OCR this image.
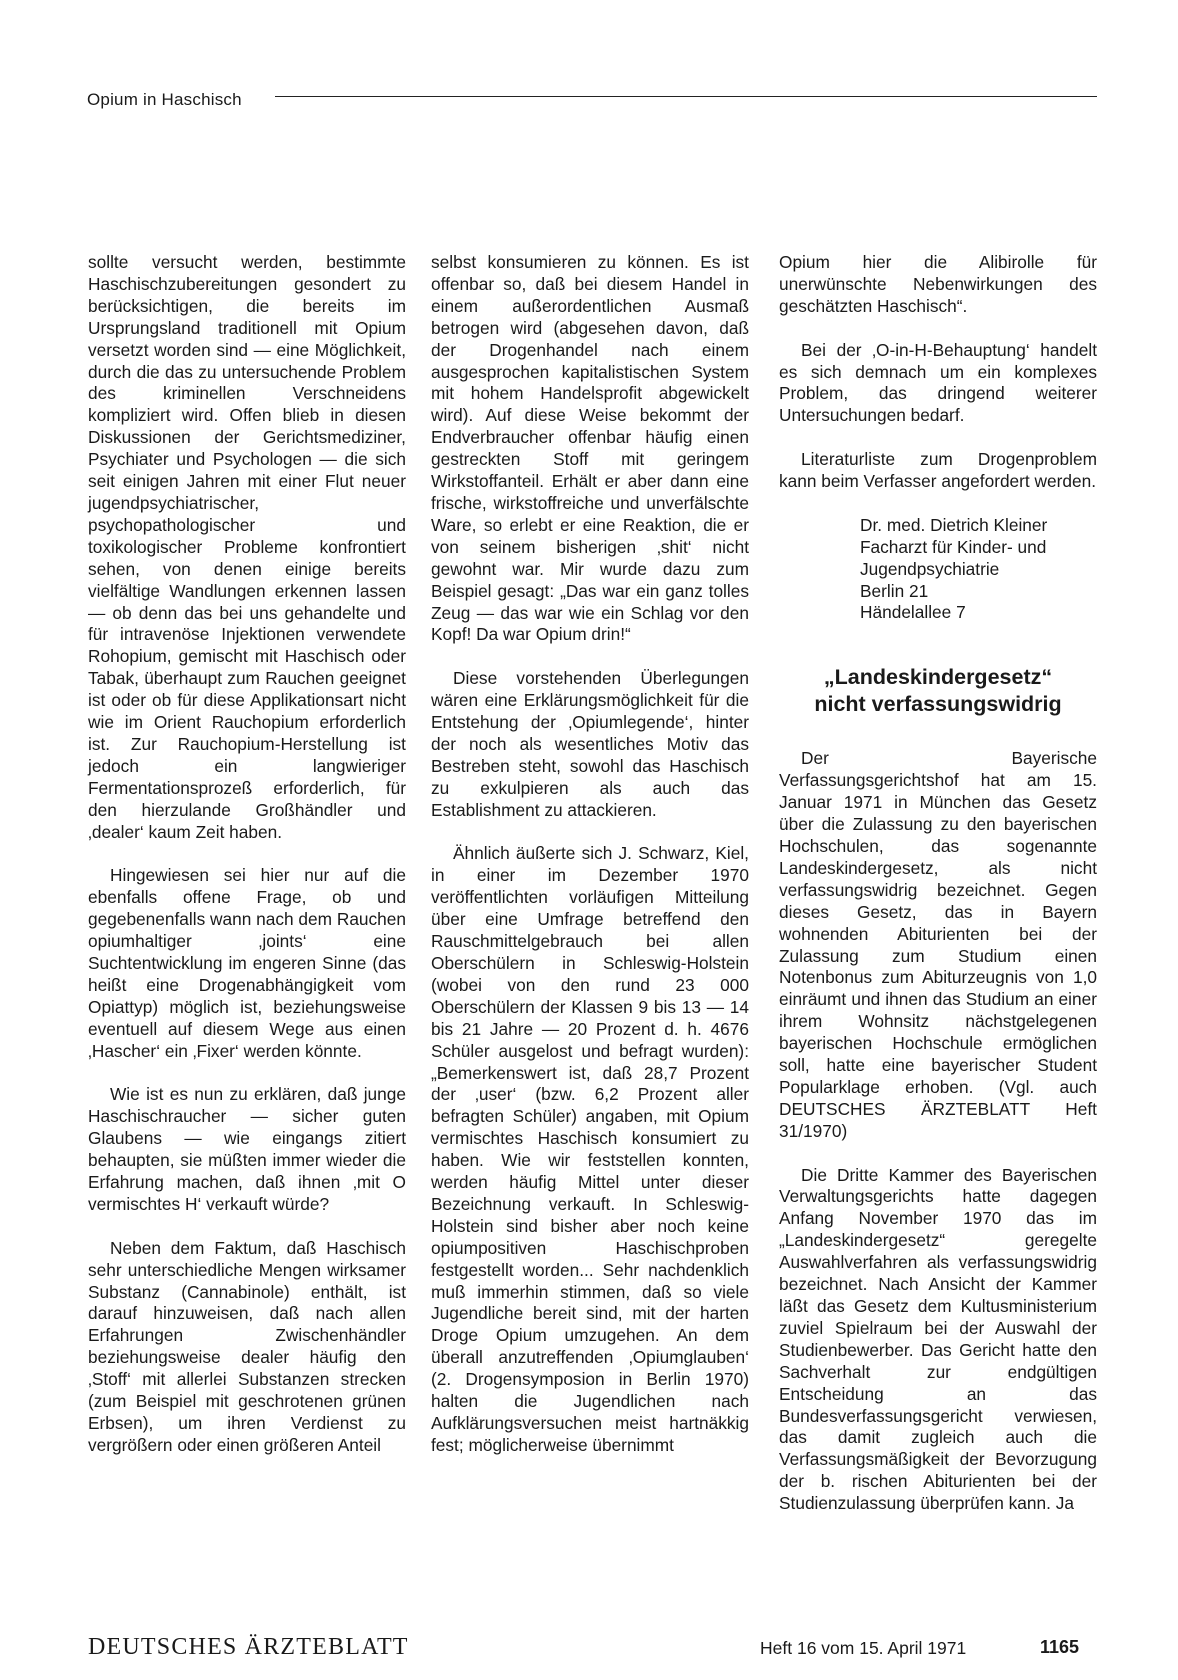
Opium in Haschisch

sollte versucht werden, bestimmte Haschischzubereitungen gesondert zu berücksichtigen, die bereits im Ursprungsland traditionell mit Opium versetzt worden sind — eine Möglichkeit, durch die das zu untersuchende Problem des kriminellen Verschneidens kompliziert wird. Offen blieb in diesen Diskussionen der Gerichtsmediziner, Psychiater und Psychologen — die sich seit einigen Jahren mit einer Flut neuer jugendpsychiatrischer, psychopathologischer und toxikologischer Probleme konfrontiert sehen, von denen einige bereits vielfältige Wandlungen erkennen lassen — ob denn das bei uns gehandelte und für intravenöse Injektionen verwendete Rohopium, gemischt mit Haschisch oder Tabak, überhaupt zum Rauchen geeignet ist oder ob für diese Applikationsart nicht wie im Orient Rauchopium erforderlich ist. Zur Rauchopium-Herstellung ist jedoch ein langwieriger Fermentationsprozeß erforderlich, für den hierzulande Großhändler und ‚dealer‘ kaum Zeit haben.

Hingewiesen sei hier nur auf die ebenfalls offene Frage, ob und gegebenenfalls wann nach dem Rauchen opiumhaltiger ‚joints‘ eine Suchtentwicklung im engeren Sinne (das heißt eine Drogenabhängigkeit vom Opiattyp) möglich ist, beziehungsweise eventuell auf diesem Wege aus einen ‚Hascher‘ ein ‚Fixer‘ werden könnte.

Wie ist es nun zu erklären, daß junge Haschischraucher — sicher guten Glaubens — wie eingangs zitiert behaupten, sie müßten immer wieder die Erfahrung machen, daß ihnen ‚mit O vermischtes H‘ verkauft würde?

Neben dem Faktum, daß Haschisch sehr unterschiedliche Mengen wirksamer Substanz (Cannabinole) enthält, ist darauf hinzuweisen, daß nach allen Erfahrungen Zwischenhändler beziehungsweise dealer häufig den ‚Stoff‘ mit allerlei Substanzen strecken (zum Beispiel mit geschrotenen grünen Erbsen), um ihren Verdienst zu vergrößern oder einen größeren Anteil

selbst konsumieren zu können. Es ist offenbar so, daß bei diesem Handel in einem außerordentlichen Ausmaß betrogen wird (abgesehen davon, daß der Drogenhandel nach einem ausgesprochen kapitalistischen System mit hohem Handelsprofit abgewickelt wird). Auf diese Weise bekommt der Endverbraucher offenbar häufig einen gestreckten Stoff mit geringem Wirkstoffanteil. Erhält er aber dann eine frische, wirkstoffreiche und unverfälschte Ware, so erlebt er eine Reaktion, die er von seinem bisherigen ‚shit‘ nicht gewohnt war. Mir wurde dazu zum Beispiel gesagt: „Das war ein ganz tolles Zeug — das war wie ein Schlag vor den Kopf! Da war Opium drin!“

Diese vorstehenden Überlegungen wären eine Erklärungsmöglichkeit für die Entstehung der ‚Opiumlegende‘, hinter der noch als wesentliches Motiv das Bestreben steht, sowohl das Haschisch zu exkulpieren als auch das Establishment zu attackieren.

Ähnlich äußerte sich J. Schwarz, Kiel, in einer im Dezember 1970 veröffentlichten vorläufigen Mitteilung über eine Umfrage betreffend den Rauschmittelgebrauch bei allen Oberschülern in Schleswig-Holstein (wobei von den rund 23 000 Oberschülern der Klassen 9 bis 13 — 14 bis 21 Jahre — 20 Prozent d. h. 4676 Schüler ausgelost und befragt wurden): „Bemerkenswert ist, daß 28,7 Prozent der ‚user‘ (bzw. 6,2 Prozent aller befragten Schüler) angaben, mit Opium vermischtes Haschisch konsumiert zu haben. Wie wir feststellen konnten, werden häufig Mittel unter dieser Bezeichnung verkauft. In Schleswig-Holstein sind bisher aber noch keine opiumpositiven Haschischproben festgestellt worden... Sehr nachdenklich muß immerhin stimmen, daß so viele Jugendliche bereit sind, mit der harten Droge Opium umzugehen. An dem überall anzutreffenden ‚Opiumglauben‘ (2. Drogensymposion in Berlin 1970) halten die Jugendlichen nach Aufklärungsversuchen meist hartnäkkig fest; möglicherweise übernimmt

Opium hier die Alibirolle für unerwünschte Nebenwirkungen des geschätzten Haschisch“.

Bei der ‚O-in-H-Behauptung‘ handelt es sich demnach um ein komplexes Problem, das dringend weiterer Untersuchungen bedarf.

Literaturliste zum Drogenproblem kann beim Verfasser angefordert werden.

Dr. med. Dietrich Kleiner
Facharzt für Kinder- und
Jugendpsychiatrie
Berlin 21
Händelallee 7
„Landeskindergesetz“
nicht verfassungswidrig

Der Bayerische Verfassungsgerichtshof hat am 15. Januar 1971 in München das Gesetz über die Zulassung zu den bayerischen Hochschulen, das sogenannte Landeskindergesetz, als nicht verfassungswidrig bezeichnet. Gegen dieses Gesetz, das in Bayern wohnenden Abiturienten bei der Zulassung zum Studium einen Notenbonus zum Abiturzeugnis von 1,0 einräumt und ihnen das Studium an einer ihrem Wohnsitz nächstgelegenen bayerischen Hochschule ermöglichen soll, hatte eine bayerischer Student Popularklage erhoben. (Vgl. auch DEUTSCHES ÄRZTEBLATT Heft 31/1970)

Die Dritte Kammer des Bayerischen Verwaltungsgerichts hatte dagegen Anfang November 1970 das im „Landeskindergesetz“ geregelte Auswahlverfahren als verfassungswidrig bezeichnet. Nach Ansicht der Kammer läßt das Gesetz dem Kultusministerium zuviel Spielraum bei der Auswahl der Studienbewerber. Das Gericht hatte den Sachverhalt zur endgültigen Entscheidung an das Bundesverfassungsgericht verwiesen, das damit zugleich auch die Verfassungsmäßigkeit der Bevorzugung der b. rischen Abiturienten bei der Studienzulassung überprüfen kann. Ja

DEUTSCHES ÄRZTEBLATT	Heft 16 vom 15. April 1971	1165
